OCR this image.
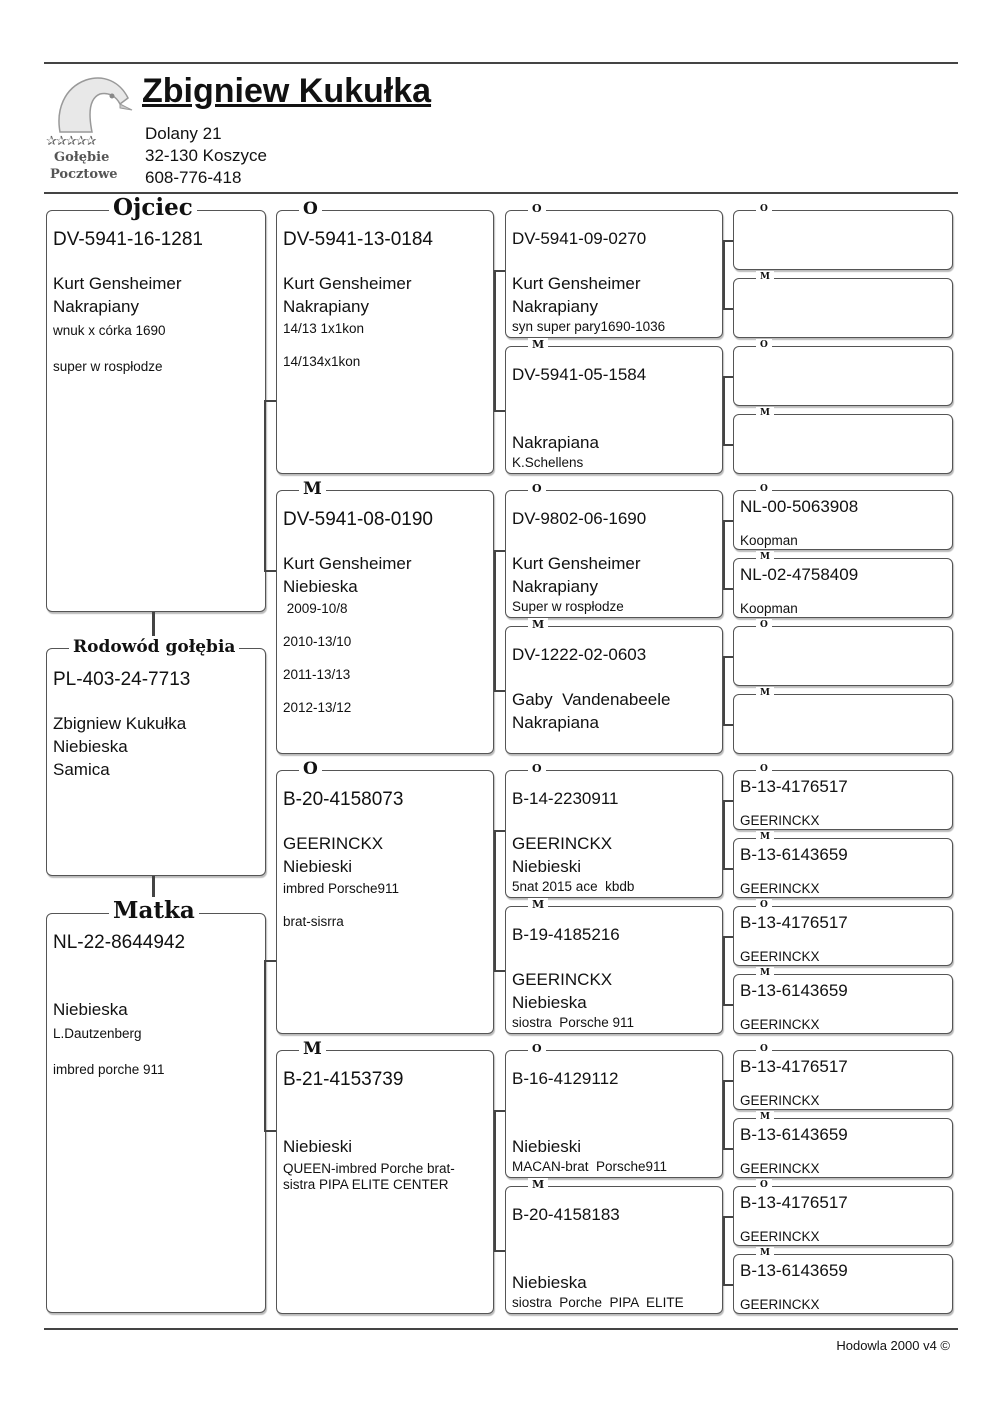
✰✰✰✰✰
Gołębie
Pocztowe
Zbigniew Kukułka
Dolany 21
32-130 Koszyce
608-776-418
Ojciec
DV-5941-16-1281
Kurt Gensheimer
Nakrapiany
wnuk x córka 1690
super w rospłodze
Rodowód gołębia
PL-403-24-7713
Zbigniew Kukułka
Niebieska
Samica
Matka
NL-22-8644942
Niebieska
L.Dautzenberg
imbred porche 911
O
DV-5941-13-0184
Kurt Gensheimer
Nakrapiany
14/13 1x1kon
14/134x1kon
M
DV-5941-08-0190
Kurt Gensheimer
Niebieska
2009-10/8
2010-13/10
2011-13/13
2012-13/12
O
B-20-4158073
GEERINCKX
Niebieski
imbred Porsche911
brat-sisrra
M
B-21-4153739
Niebieski
QUEEN-imbred Porche brat-sistra PIPA ELITE CENTER
O
DV-5941-09-0270
Kurt Gensheimer
Nakrapiany
syn super pary1690-1036
M
DV-5941-05-1584
Nakrapiana
K.Schellens
O
DV-9802-06-1690
Kurt Gensheimer
Nakrapiany
Super w rospłodze
M
DV-1222-02-0603
Gaby  Vandenabeele
Nakrapiana
O
B-14-2230911
GEERINCKX
Niebieski
5nat 2015 ace  kbdb
M
B-19-4185216
GEERINCKX
Niebieska
siostra  Porsche 911
O
B-16-4129112
Niebieski
MACAN-brat  Porsche911
M
B-20-4158183
Niebieska
siostra  Porche  PIPA  ELITE
O
M
O
M
O
NL-00-5063908
Koopman
M
NL-02-4758409
Koopman
O
M
O
B-13-4176517
GEERINCKX
M
B-13-6143659
GEERINCKX
O
B-13-4176517
GEERINCKX
M
B-13-6143659
GEERINCKX
O
B-13-4176517
GEERINCKX
M
B-13-6143659
GEERINCKX
O
B-13-4176517
GEERINCKX
M
B-13-6143659
GEERINCKX
Hodowla 2000 v4 ©
